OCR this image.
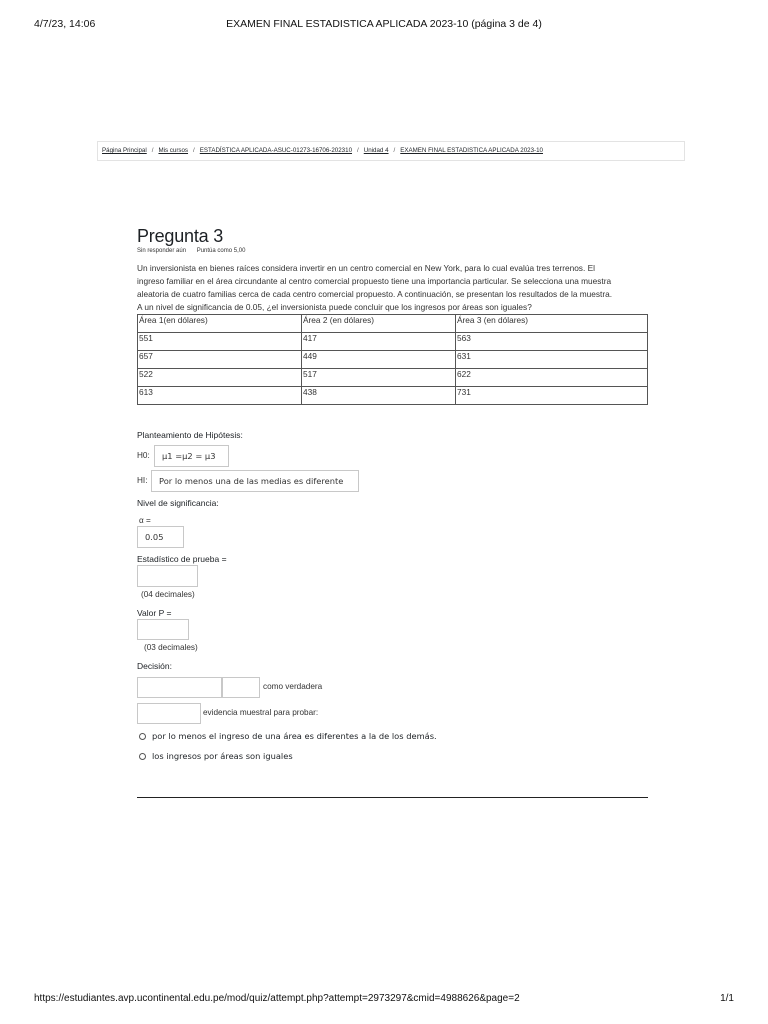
4/7/23, 14:06	EXAMEN FINAL ESTADISTICA APLICADA 2023-10 (página 3 de 4)
Página Principal / Mis cursos / ESTADÍSTICA APLICADA-ASUC-01273-16706-202310 / Unidad 4 / EXAMEN FINAL ESTADISTICA APLICADA 2023-10
Pregunta 3
Sin responder aún Puntúa como 5,00
Un inversionista en bienes raíces considera invertir en un centro comercial en New York, para lo cual evalúa tres terrenos. El
ingreso familiar en el área circundante al centro comercial propuesto tiene una importancia particular. Se selecciona una muestra
aleatoria de cuatro familias cerca de cada centro comercial propuesto. A continuación, se presentan los resultados de la muestra.
A un nivel de significancia de 0.05, ¿el inversionista puede concluir que los ingresos por áreas son iguales?
Área 1(en dólares)	Área 2 (en dólares)	Área 3 (en dólares)
551	417	563
657	449	631
522	517	622
613	438	731
Planteamiento de Hipótesis:
H0:	μ1 =μ2 = μ3
HI:	Por lo menos una de las medias es diferente
Nivel de significancia:
α =
0.05
Estadístico de prueba =
(04 decimales)
Valor P =
(03 decimales)
Decisión:
como verdadera
evidencia muestral para probar:
por lo menos el ingreso de una área es diferentes a la de los demás.
los ingresos por áreas son iguales
https://estudiantes.avp.ucontinental.edu.pe/mod/quiz/attempt.php?attempt=2973297&cmid=4988626&page=2	1/1
